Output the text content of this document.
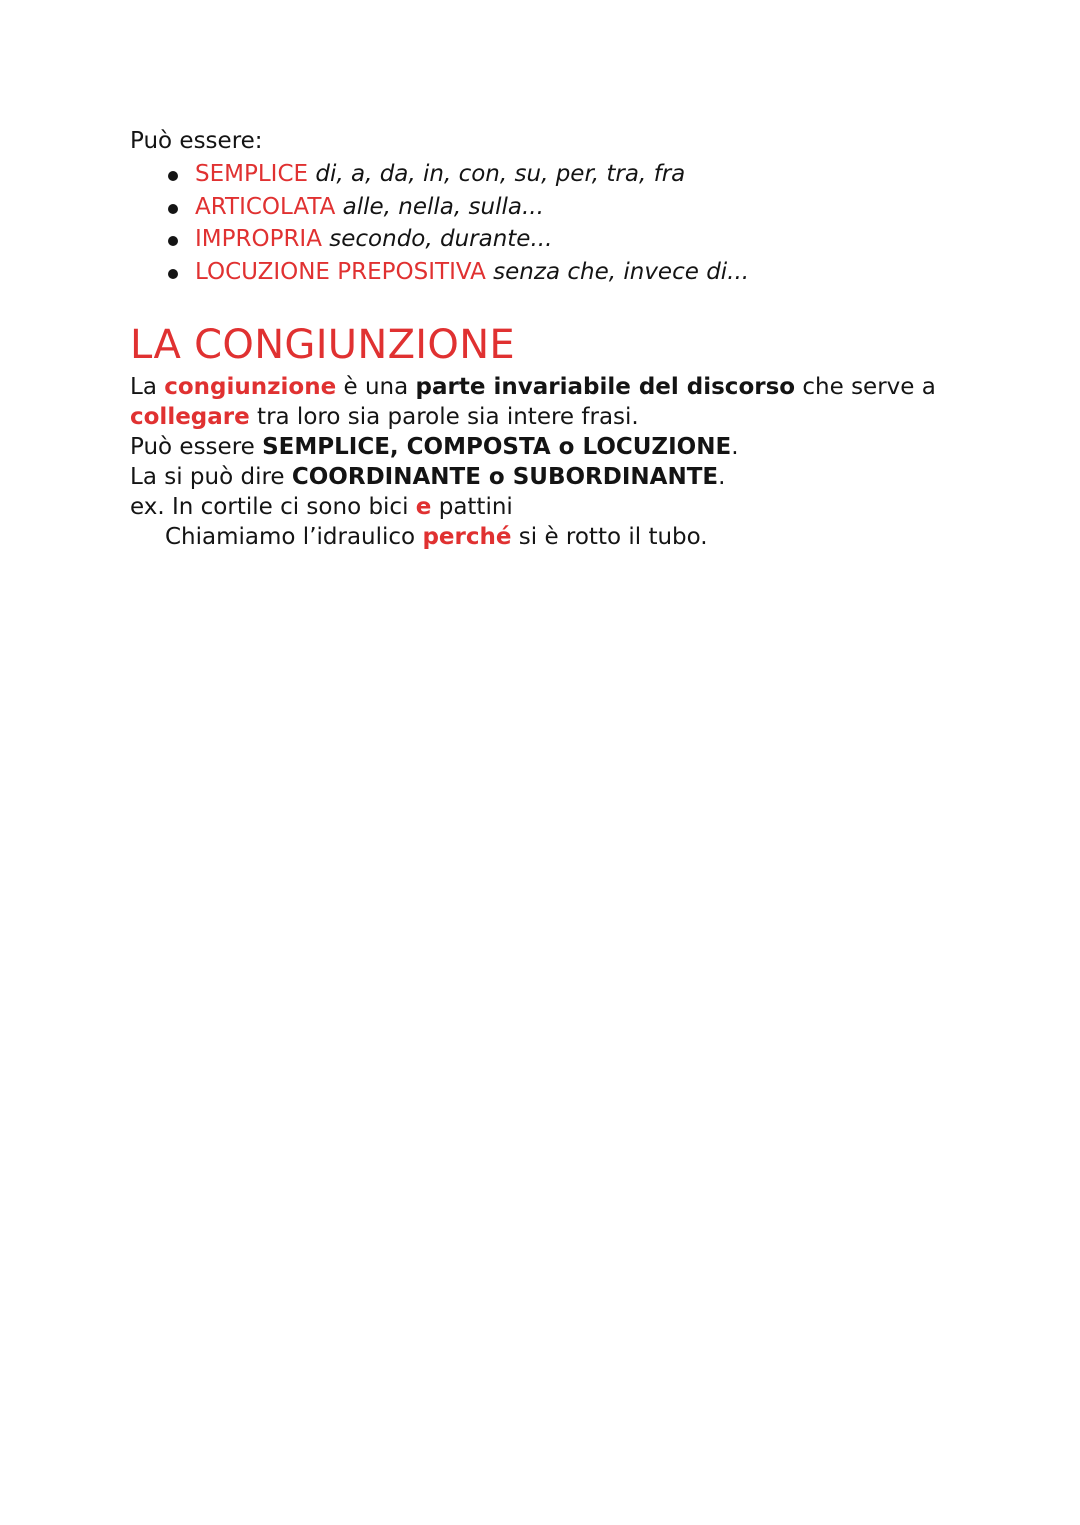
Può essere:
SEMPLICE di, a, da, in, con, su, per, tra, fra
ARTICOLATA alle, nella, sulla...
IMPROPRIA secondo, durante...
LOCUZIONE PREPOSITIVA senza che, invece di...
LA CONGIUNZIONE
La congiunzione è una parte invariabile del discorso che serve a
collegare tra loro sia parole sia intere frasi.
Può essere SEMPLICE, COMPOSTA o LOCUZIONE.
La si può dire COORDINANTE o SUBORDINANTE.
ex. In cortile ci sono bici e pattini
Chiamiamo l’idraulico perché si è rotto il tubo.
